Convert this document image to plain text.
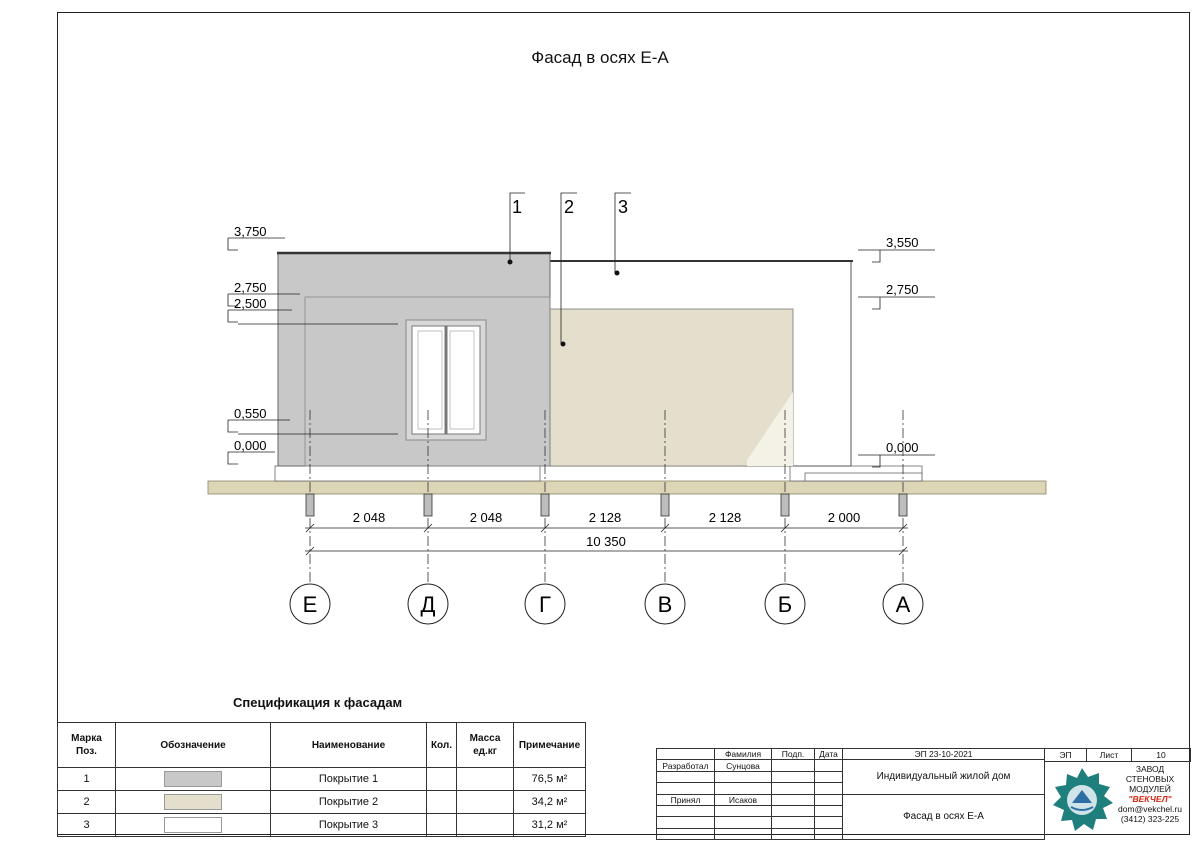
Фасад в осях Е-А
3,750
2,750
2,500
0,550
0,000
3,550
2,750
0,000
1 2 3
2 048	2 048	2 128	2 128	2 000
10 350
Е	Д	Г	В	Б	А
Спецификация к фасадам
Марка Поз.	Обозначение	Наименование	Кол.	Масса ед.кг	Примечание
1		Покрытие 1			76,5 м²
2		Покрытие 2			34,2 м²
3		Покрытие 3			31,2 м²
	Фамилия	Подп.	Дата	ЭП 23-10-2021
Разработал	Сунцова			Индивидуальный жилой дом

Принял	Исаков			Фасад в осях Е-А

ЭП	Лист	10
ЗАВОД
СТЕНОВЫХ
МОДУЛЕЙ
"ВЕКЧЕЛ"
dom@vekchel.ru
(3412) 323-225
